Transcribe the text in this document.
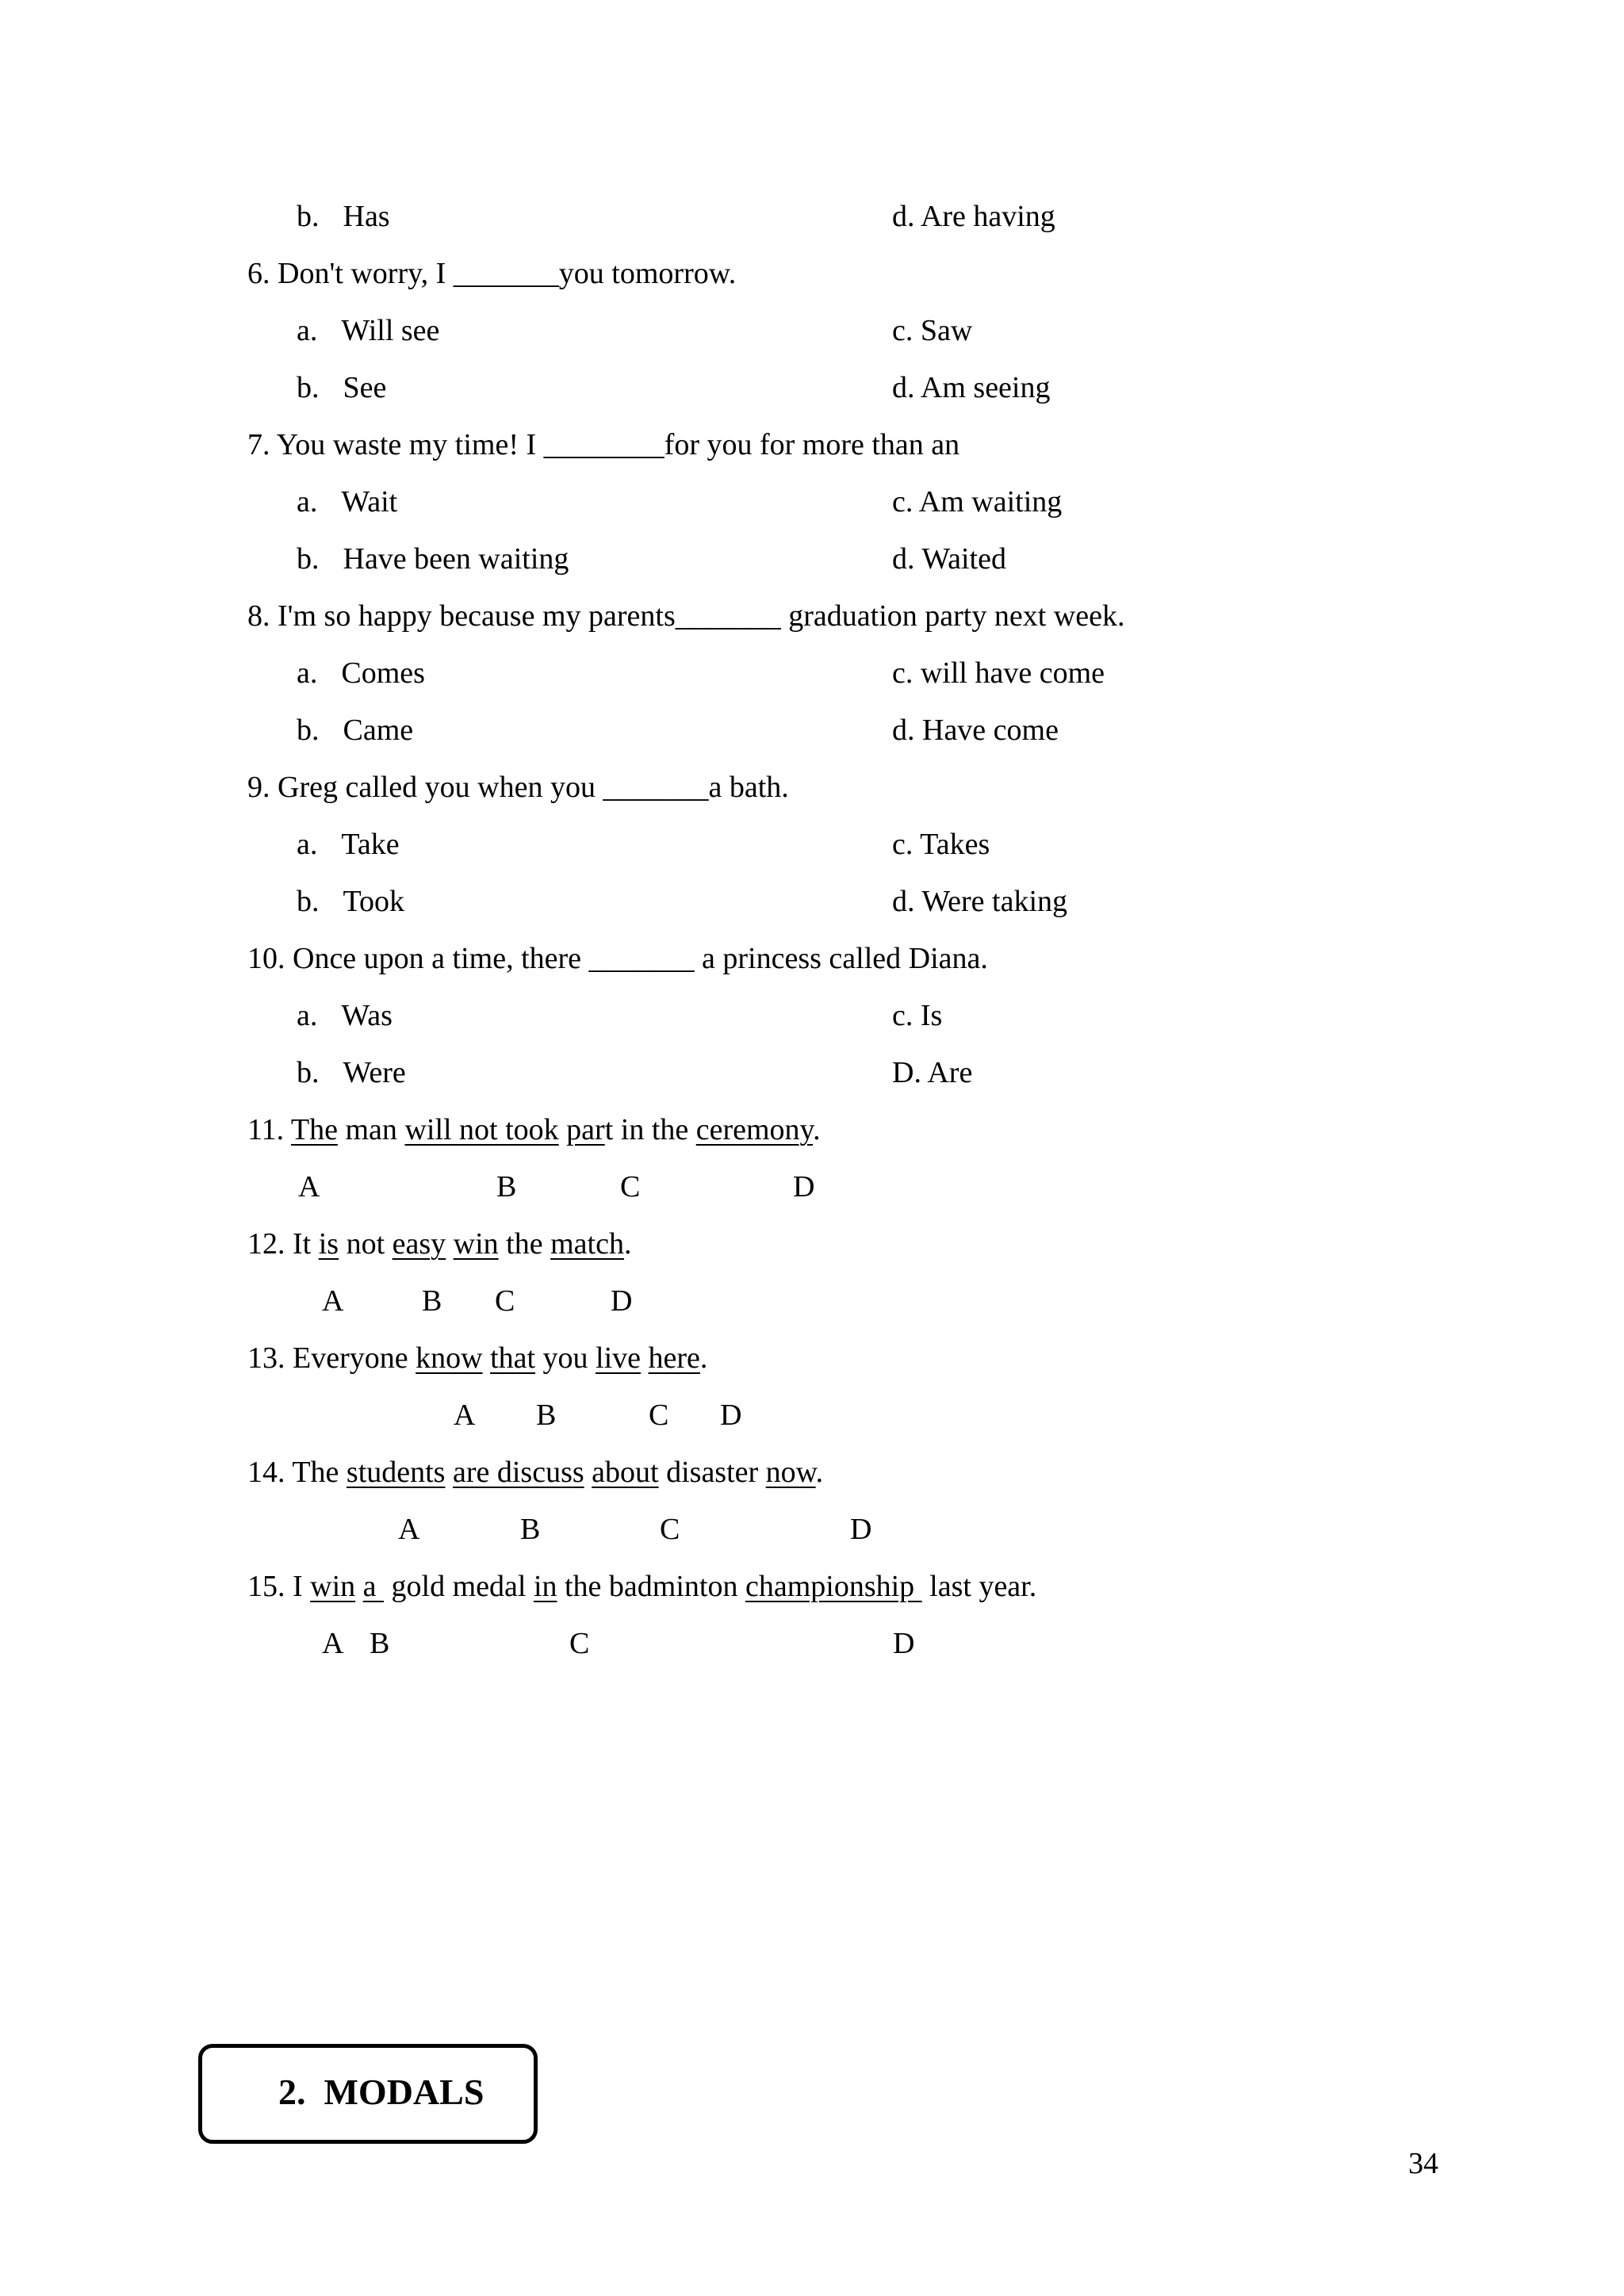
b. Has	d. Are having
6. Don't worry, I _______you tomorrow.
a. Will see	c. Saw
b. See	d. Am seeing
7. You waste my time! I ________for you for more than an
a. Wait	c. Am waiting
b. Have been waiting	d. Waited
8. I'm so happy because my parents_______ graduation party next week.
a. Comes	c. will have come
b. Came	d. Have come
9. Greg called you when you _______a bath.
a. Take	c. Takes
b. Took	d. Were taking
10. Once upon a time, there _______ a princess called Diana.
a. Was	c. Is
b. Were	D. Are
11. The man will not took part in the ceremony.
A	B	C	D
12. It is not easy win the match.
A	B C	D
13. Everyone know that you live here.
A B	C D
14. The students are discuss about disaster now.
A	B	C	D
15. I win a  gold medal in the badminton championship  last year.
A B	C	D
2.  MODALS
34
